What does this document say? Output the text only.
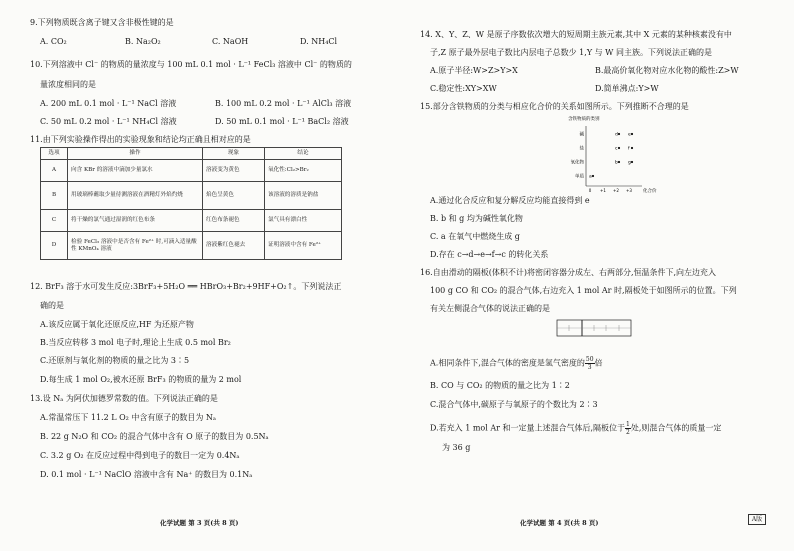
9.下列物质既含离子键又含非极性键的是
A. CO₂	B. Na₂O₂	C. NaOH	D. NH₄Cl
10.下列溶液中 Cl⁻ 的物质的量浓度与 100 mL 0.1 mol · L⁻¹ FeCl₃ 溶液中 Cl⁻ 的物质的
量浓度相同的是
A. 200 mL 0.1 mol · L⁻¹ NaCl 溶液	B. 100 mL 0.2 mol · L⁻¹ AlCl₃ 溶液
C. 50 mL 0.2 mol · L⁻¹ NH₄Cl 溶液	D. 50 mL 0.1 mol · L⁻¹ BaCl₂ 溶液
11.由下列实验操作得出的实验现象和结论均正确且相对应的是
选项	操作	现象	结论
A	向含 KBr 的溶液中滴加少量氯水	溶液变为黄色	氧化性:Cl₂>Br₂
B	用玻璃棒蘸取少量待测溶液在酒精灯外焰灼烧	焰色呈黄色	该溶液的溶质是钠盐
C	将干燥的氯气通过湿润的红色布条	红色布条褪色	氯气具有漂白性
D	检验 FeCl₃ 溶液中是否含有 Fe²⁺ 时,可滴入适量酸性 KMnO₄ 溶液	溶液紫红色褪去	证明溶液中含有 Fe²⁺
12. BrF₃ 溶于水可发生反应:3BrF₃+5H₂O ══ HBrO₃+Br₂+9HF+O₂↑。下列说法正
确的是
A.该反应属于氧化还原反应,HF 为还原产物
B.当反应转移 3 mol 电子时,理论上生成 0.5 mol Br₂
C.还原剂与氧化剂的物质的量之比为 3∶5
D.每生成 1 mol O₂,被水还原 BrF₃ 的物质的量为 2 mol
13.设 Nₐ 为阿伏加德罗常数的值。下列说法正确的是
A.常温常压下 11.2 L O₂ 中含有原子的数目为 Nₐ
B. 22 g N₂O 和 CO₂ 的混合气体中含有 O 原子的数目为 0.5Nₐ
C. 3.2 g O₂ 在反应过程中得到电子的数目一定为 0.4Nₐ
D. 0.1 mol · L⁻¹ NaClO 溶液中含有 Na⁺ 的数目为 0.1Nₐ
化学试题 第 3 页(共 8 页)
14. X、Y、Z、W 是原子序数依次增大的短周期主族元素,其中 X 元素的某种核素没有中
子,Z 原子最外层电子数比内层电子总数少 1,Y 与 W 同主族。下列说法正确的是
A.原子半径:W>Z>Y>X	B.最高价氧化物对应水化物的酸性:Z>W
C.稳定性:XY>XW	D.简单沸点:Y>W
15.部分含铁物质的分类与相应化合价的关系如图所示。下列推断不合理的是
含铁物质的类别
碱
盐
氧化物
单质
0 +1 +2 +3
d e
c f
b g
a
化合价
A.通过化合反应和复分解反应均能直接得到 e
B. b 和 g 均为碱性氧化物
C. a 在氧气中燃烧生成 g
D.存在 c→d→e→f→c 的转化关系
16.自由滑动的隔板(体积不计)将密闭容器分成左、右两部分,恒温条件下,向左边充入
100 g CO 和 CO₂ 的混合气体,右边充入 1 mol Ar 时,隔板处于如图所示的位置。下列
有关左侧混合气体的说法正确的是
A.相同条件下,混合气体的密度是氢气密度的 $\frac{50}{3}$ 倍
B. CO 与 CO₂ 的物质的量之比为 1∶2
C.混合气体中,碳原子与氧原子的个数比为 2∶3
D.若充入 1 mol Ar 和一定量上述混合气体后,隔板位于 $\frac{1}{2}$ 处,则混合气体的质量一定
为 36 g
化学试题 第 4 页(共 8 页)	A版
